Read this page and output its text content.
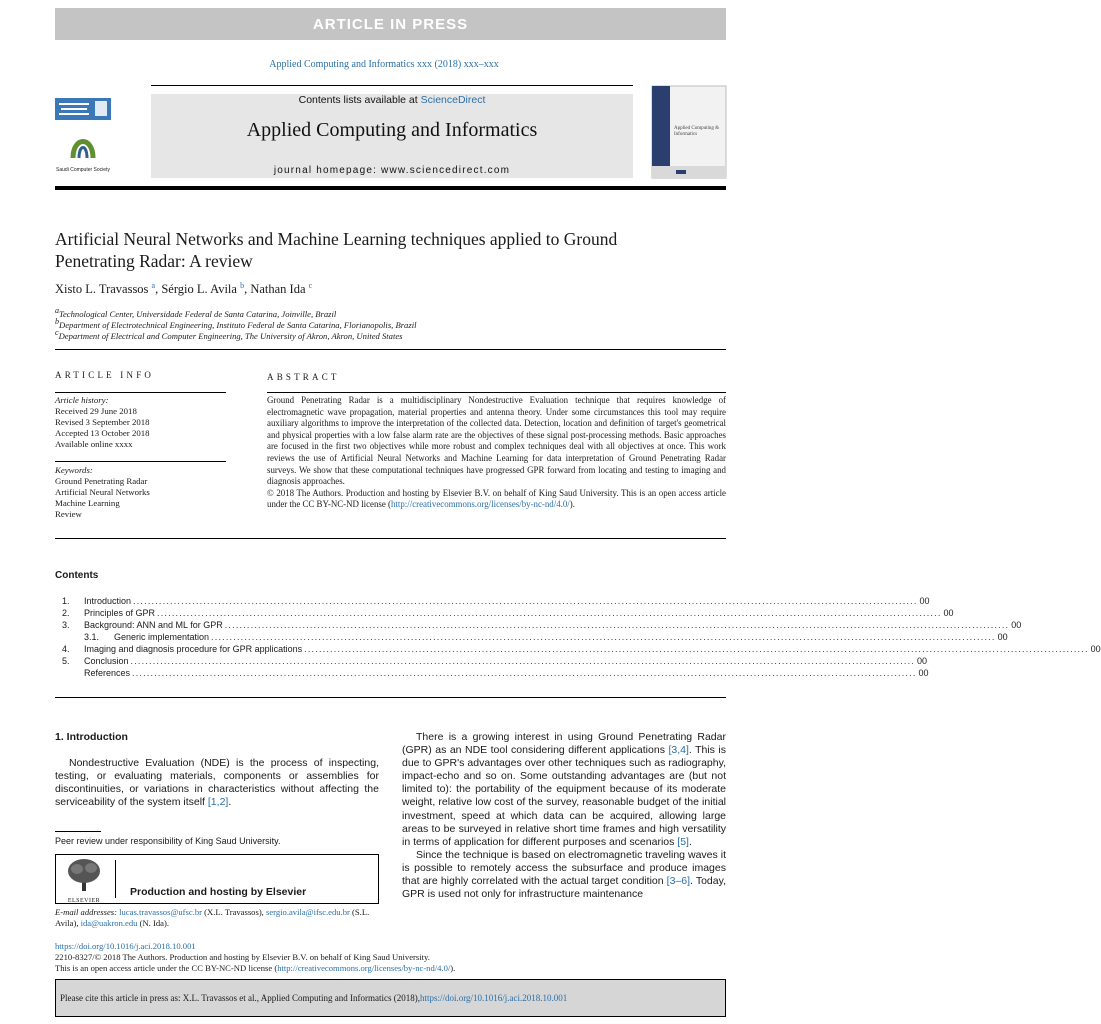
ARTICLE IN PRESS
Applied Computing and Informatics xxx (2018) xxx–xxx
Saudi Computer Society
Contents lists available at ScienceDirect
Applied Computing and Informatics
journal homepage: www.sciencedirect.com
Applied Computing & Informatics
Artificial Neural Networks and Machine Learning techniques applied to Ground Penetrating Radar: A review
Xisto L. Travassos $^a$, Sérgio L. Avila $^b$, Nathan Ida $^c$
$^a$Technological Center, Universidade Federal de Santa Catarina, Joinville, Brazil
$^b$Department of Electrotechnical Engineering, Instituto Federal de Santa Catarina, Florianopolis, Brazil
$^c$Department of Electrical and Computer Engineering, The University of Akron, Akron, United States
ARTICLE INFO
Article history:
Received 29 June 2018
Revised 3 September 2018
Accepted 13 October 2018
Available online xxxx
Keywords:
Ground Penetrating Radar
Artificial Neural Networks
Machine Learning
Review
ABSTRACT

Ground Penetrating Radar is a multidisciplinary Nondestructive Evaluation technique that requires knowledge of electromagnetic wave propagation, material properties and antenna theory. Under some circumstances this tool may require auxiliary algorithms to improve the interpretation of the collected data. Detection, location and definition of target's geometrical and physical properties with a low false alarm rate are the objectives of these signal post-processing methods. Basic approaches are focused in the first two objectives while more robust and complex techniques deal with all objectives at once. This work reviews the use of Artificial Neural Networks and Machine Learning for data interpretation of Ground Penetrating Radar surveys. We show that these computational techniques have progressed GPR forward from locating and testing to imaging and diagnosis approaches.

© 2018 The Authors. Production and hosting by Elsevier B.V. on behalf of King Saud University. This is an open access article under the CC BY-NC-ND license (http://creativecommons.org/licenses/by-nc-nd/4.0/).

Contents
1.	Introduction .................................................................................................................................................................................................................... 00
2.	Principles of GPR .................................................................................................................................................................................................................... 00
3.	Background: ANN and ML for GPR .................................................................................................................................................................................................................... 00
3.1.	Generic implementation .................................................................................................................................................................................................................... 00
4.	Imaging and diagnosis procedure for GPR applications .................................................................................................................................................................................................................... 00
5.	Conclusion .................................................................................................................................................................................................................... 00
References .................................................................................................................................................................................................................... 00
1. Introduction

Nondestructive Evaluation (NDE) is the process of inspecting, testing, or evaluating materials, components or assemblies for discontinuities, or variations in characteristics without affecting the serviceability of the system itself [1,2].

There is a growing interest in using Ground Penetrating Radar (GPR) as an NDE tool considering different applications [3,4]. This is due to GPR's advantages over other techniques such as radiography, impact-echo and so on. Some outstanding advantages are (but not limited to): the portability of the equipment because of its moderate weight, relative low cost of the survey, reasonable budget of the initial investment, speed at which data can be acquired, allowing large areas to be surveyed in relative short time frames and high versatility in terms of application for different purposes and scenarios [5].

Since the technique is based on electromagnetic traveling waves it is possible to remotely access the subsurface and produce images that are highly correlated with the actual target condition [3–6]. Today, GPR is used not only for infrastructure maintenance

Peer review under responsibility of King Saud University.
ELSEVIER
Production and hosting by Elsevier
E-mail addresses: lucas.travassos@ufsc.br (X.L. Travassos), sergio.avila@ifsc.edu.br (S.L. Avila), ida@uakron.edu (N. Ida).
https://doi.org/10.1016/j.aci.2018.10.001
2210-8327/© 2018 The Authors. Production and hosting by Elsevier B.V. on behalf of King Saud University.
This is an open access article under the CC BY-NC-ND license (http://creativecommons.org/licenses/by-nc-nd/4.0/).
Please cite this article in press as: X.L. Travassos et al., Applied Computing and Informatics (2018), https://doi.org/10.1016/j.aci.2018.10.001
